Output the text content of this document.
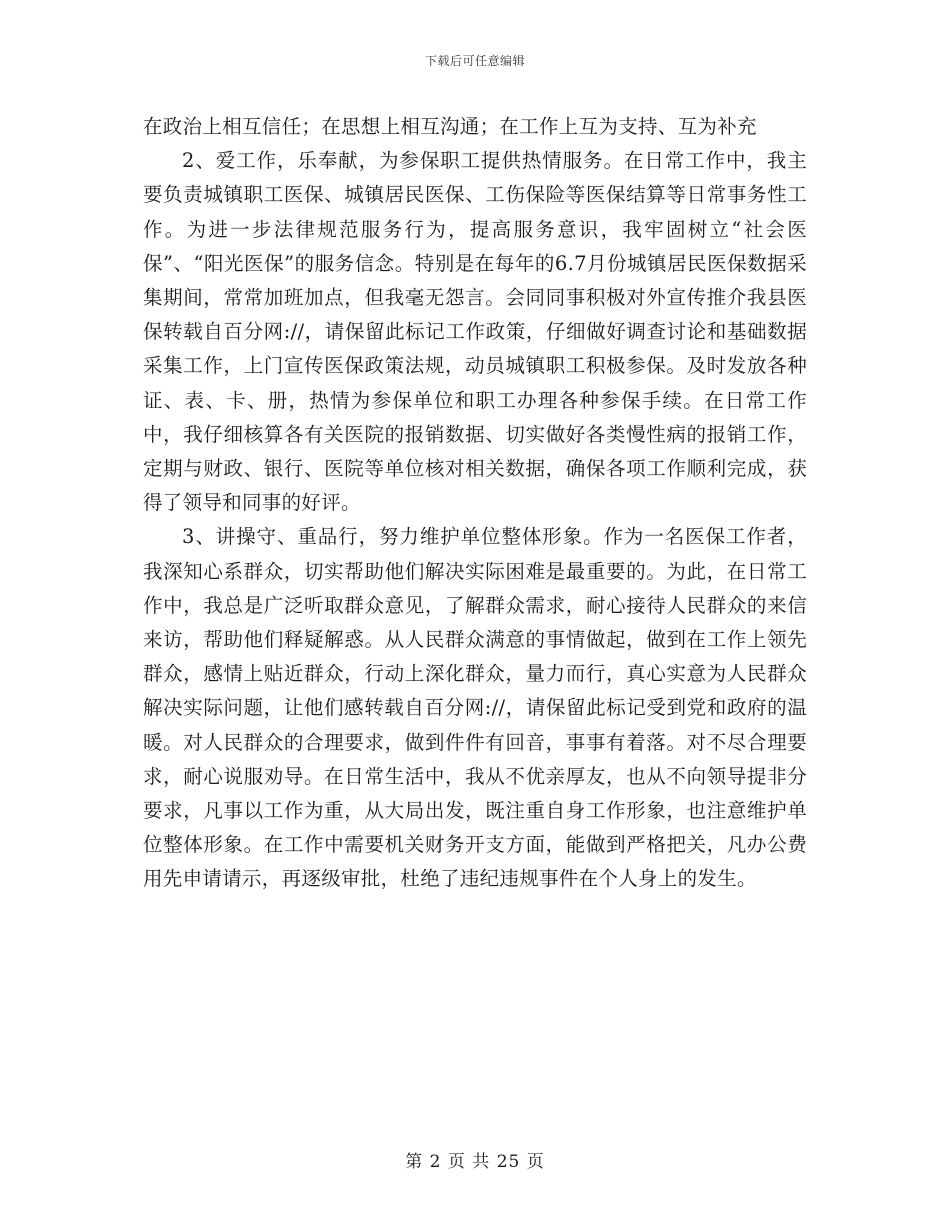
下载后可任意编辑

在政治上相互信任；在思想上相互沟通；在工作上互为支持、互为补充

2、爱工作，乐奉献，为参保职工提供热情服务。在日常工作中，我主要负责城镇职工医保、城镇居民医保、工伤保险等医保结算等日常事务性工作。为进一步法律规范服务行为，提高服务意识，我牢固树立“社会医保”、“阳光医保”的服务信念。特别是在每年的6.7月份城镇居民医保数据采集期间，常常加班加点，但我毫无怨言。会同同事积极对外宣传推介我县医保转载自百分网://，请保留此标记工作政策，仔细做好调查讨论和基础数据采集工作，上门宣传医保政策法规，动员城镇职工积极参保。及时发放各种证、表、卡、册，热情为参保单位和职工办理各种参保手续。在日常工作中，我仔细核算各有关医院的报销数据、切实做好各类慢性病的报销工作，定期与财政、银行、医院等单位核对相关数据，确保各项工作顺利完成，获得了领导和同事的好评。

3、讲操守、重品行，努力维护单位整体形象。作为一名医保工作者，我深知心系群众，切实帮助他们解决实际困难是最重要的。为此，在日常工作中，我总是广泛听取群众意见，了解群众需求，耐心接待人民群众的来信来访，帮助他们释疑解惑。从人民群众满意的事情做起，做到在工作上领先群众，感情上贴近群众，行动上深化群众，量力而行，真心实意为人民群众解决实际问题，让他们感转载自百分网://，请保留此标记受到党和政府的温暖。对人民群众的合理要求，做到件件有回音，事事有着落。对不尽合理要求，耐心说服劝导。在日常生活中，我从不优亲厚友，也从不向领导提非分要求，凡事以工作为重，从大局出发，既注重自身工作形象，也注意维护单位整体形象。在工作中需要机关财务开支方面，能做到严格把关，凡办公费用先申请请示，再逐级审批，杜绝了违纪违规事件在个人身上的发生。

第 2 页 共 25 页
